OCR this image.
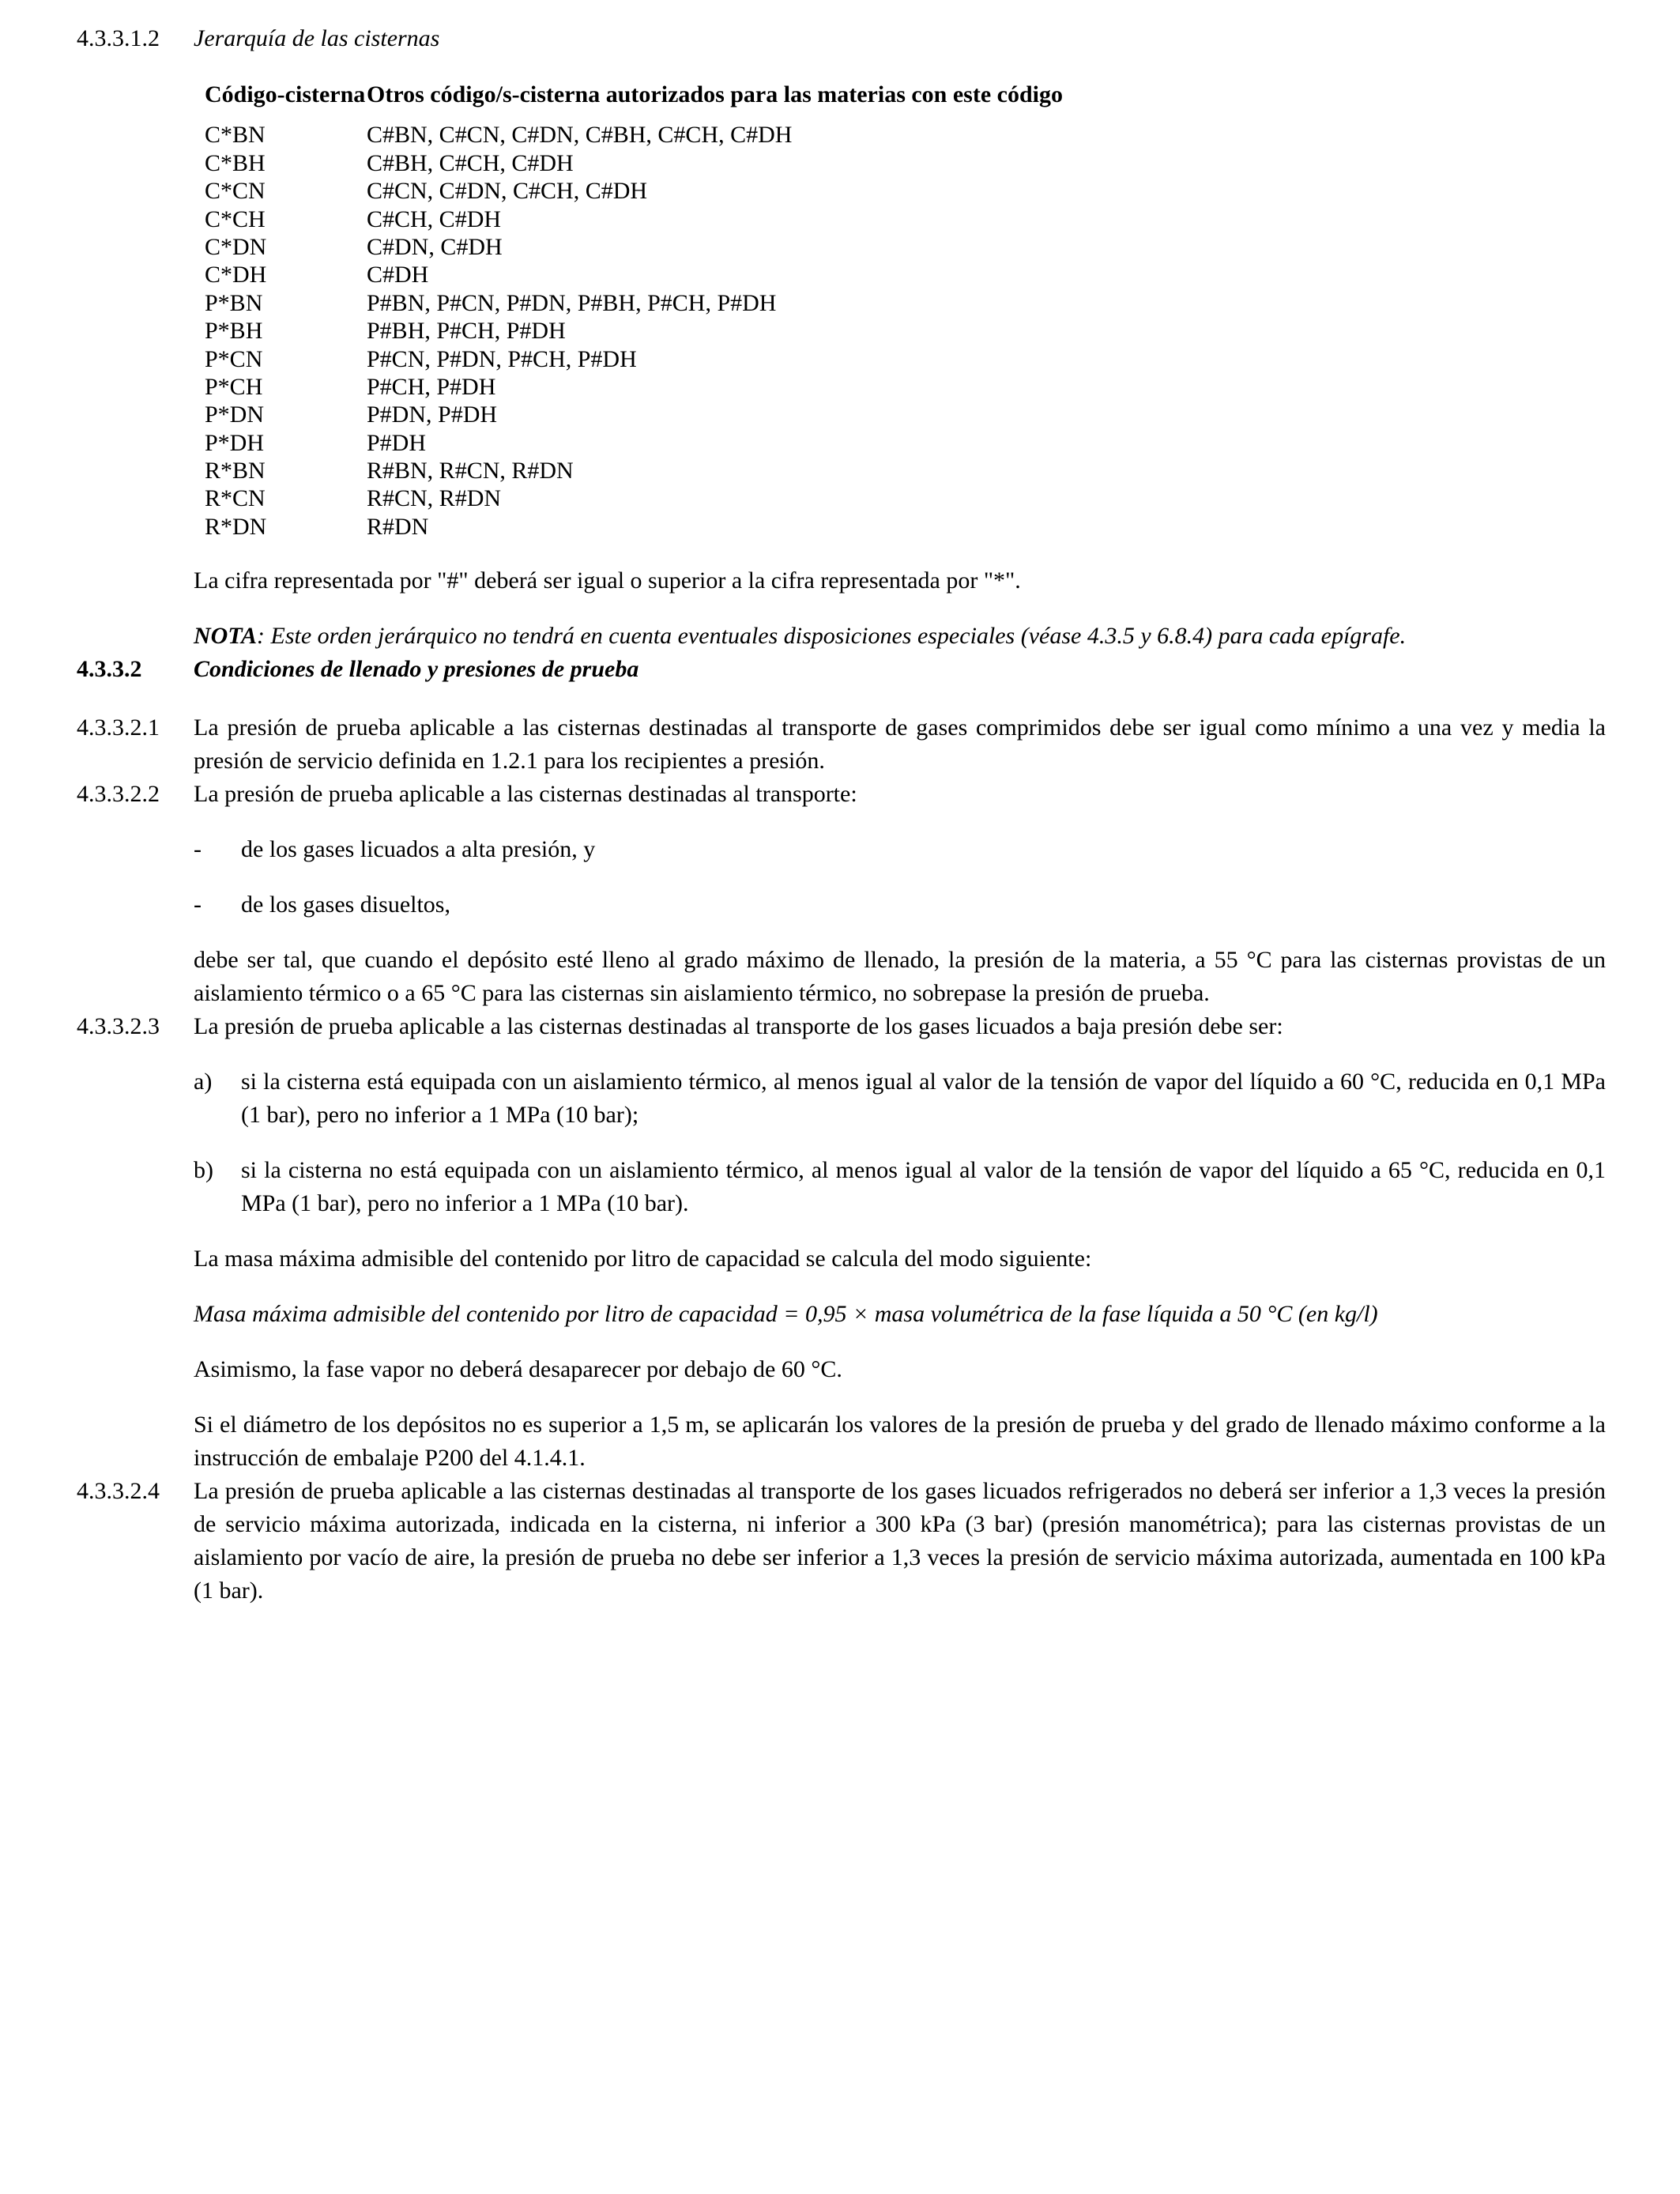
4.3.3.1.2	Jerarquía de las cisternas
Código-cisterna	Otros código/s-cisterna autorizados para las materias con este código
C*BN	C#BN, C#CN, C#DN, C#BH, C#CH, C#DH
C*BH	C#BH, C#CH, C#DH
C*CN	C#CN, C#DN, C#CH, C#DH
C*CH	C#CH, C#DH
C*DN	C#DN, C#DH
C*DH	C#DH
P*BN	P#BN, P#CN, P#DN, P#BH, P#CH, P#DH
P*BH	P#BH, P#CH, P#DH
P*CN	P#CN, P#DN, P#CH, P#DH
P*CH	P#CH, P#DH
P*DN	P#DN, P#DH
P*DH	P#DH
R*BN	R#BN, R#CN, R#DN
R*CN	R#CN, R#DN
R*DN	R#DN

La cifra representada por "#" deberá ser igual o superior a la cifra representada por "*".

NOTA: Este orden jerárquico no tendrá en cuenta eventuales disposiciones especiales (véase 4.3.5 y 6.8.4) para cada epígrafe.

4.3.3.2	Condiciones de llenado y presiones de prueba
4.3.3.2.1	La presión de prueba aplicable a las cisternas destinadas al transporte de gases comprimidos debe ser igual como mínimo a una vez y media la presión de servicio definida en 1.2.1 para los recipientes a presión.

4.3.3.2.2	La presión de prueba aplicable a las cisternas destinadas al transporte:

-	de los gases licuados a alta presión, y
-	de los gases disueltos,

debe ser tal, que cuando el depósito esté lleno al grado máximo de llenado, la presión de la materia, a 55 °C para las cisternas provistas de un aislamiento térmico o a 65 °C para las cisternas sin aislamiento térmico, no sobrepase la presión de prueba.

4.3.3.2.3	La presión de prueba aplicable a las cisternas destinadas al transporte de los gases licuados a baja presión debe ser:

a)	si la cisterna está equipada con un aislamiento térmico, al menos igual al valor de la tensión de vapor del líquido a 60 °C, reducida en 0,1 MPa (1 bar), pero no inferior a 1 MPa (10 bar);
b)	si la cisterna no está equipada con un aislamiento térmico, al menos igual al valor de la tensión de vapor del líquido a 65 °C, reducida en 0,1 MPa (1 bar), pero no inferior a 1 MPa (10 bar).

La masa máxima admisible del contenido por litro de capacidad se calcula del modo siguiente:

Masa máxima admisible del contenido por litro de capacidad = 0,95 × masa volumétrica de la fase líquida a 50 °C (en kg/l)

Asimismo, la fase vapor no deberá desaparecer por debajo de 60 °C.

Si el diámetro de los depósitos no es superior a 1,5 m, se aplicarán los valores de la presión de prueba y del grado de llenado máximo conforme a la instrucción de embalaje P200 del 4.1.4.1.

4.3.3.2.4	La presión de prueba aplicable a las cisternas destinadas al transporte de los gases licuados refrigerados no deberá ser inferior a 1,3 veces la presión de servicio máxima autorizada, indicada en la cisterna, ni inferior a 300 kPa (3 bar) (presión manométrica); para las cisternas provistas de un aislamiento por vacío de aire, la presión de prueba no debe ser inferior a 1,3 veces la presión de servicio máxima autorizada, aumentada en 100 kPa (1 bar).
